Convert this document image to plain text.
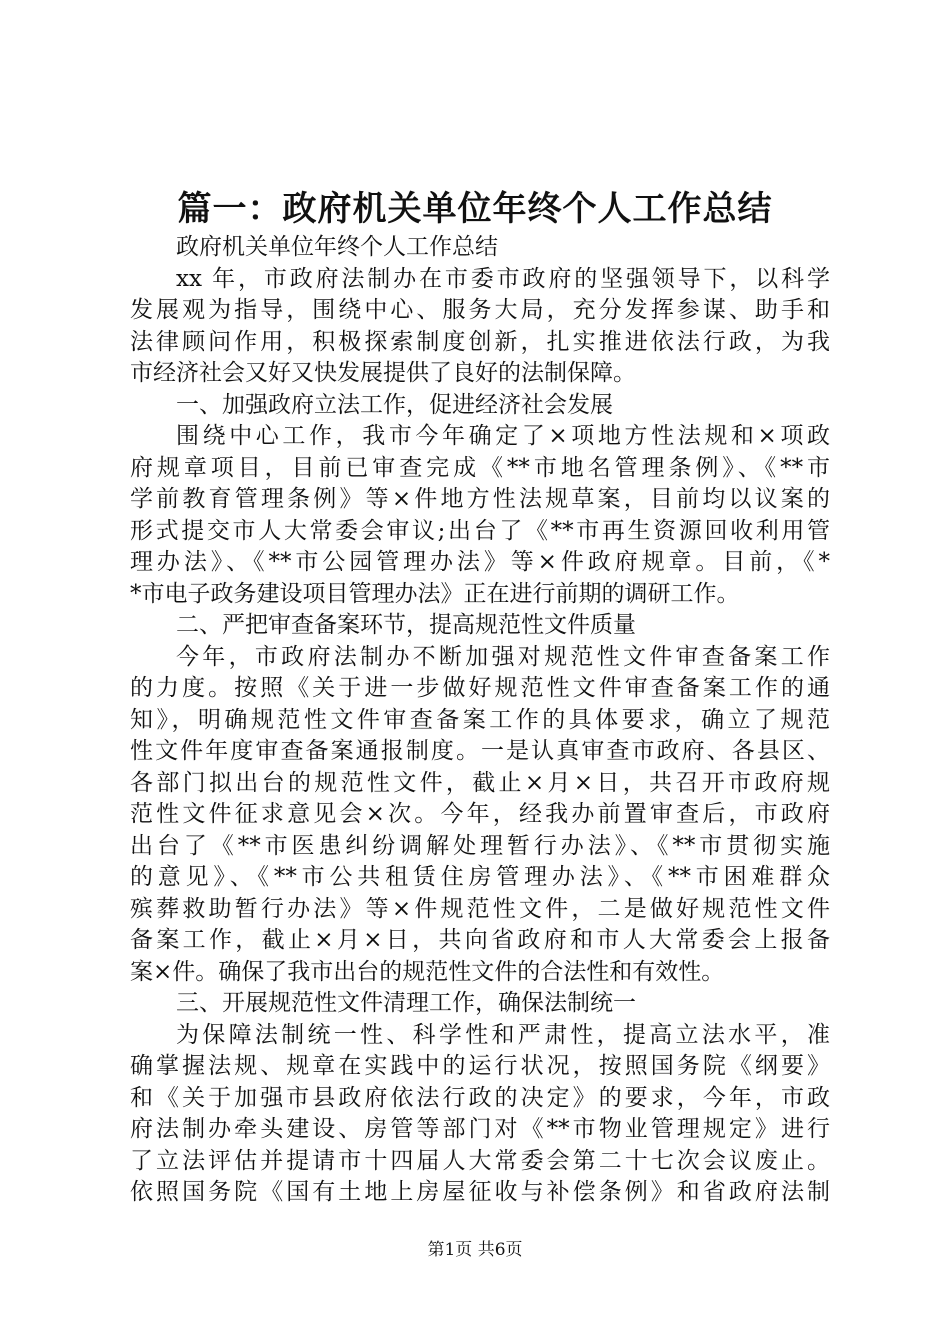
篇一：政府机关单位年终个人工作总结
政府机关单位年终个人工作总结
xx 年，市政府法制办在市委市政府的坚强领导下，以科学
发展观为指导，围绕中心、服务大局，充分发挥参谋、助手和
法律顾问作用，积极探索制度创新，扎实推进依法行政，为我
市经济社会又好又快发展提供了良好的法制保障。
一、加强政府立法工作，促进经济社会发展
围绕中心工作，我市今年确定了×项地方性法规和×项政
府规章项目，目前已审查完成《**市地名管理条例》、《**市
学前教育管理条例》等×件地方性法规草案，目前均以议案的
形式提交市人大常委会审议;出台了《**市再生资源回收利用管
理办法》、《**市公园管理办法》等×件政府规章。目前，《*
*市电子政务建设项目管理办法》正在进行前期的调研工作。
二、严把审查备案环节，提高规范性文件质量
今年，市政府法制办不断加强对规范性文件审查备案工作
的力度。按照《关于进一步做好规范性文件审查备案工作的通
知》，明确规范性文件审查备案工作的具体要求，确立了规范
性文件年度审查备案通报制度。一是认真审查市政府、各县区、
各部门拟出台的规范性文件，截止×月×日，共召开市政府规
范性文件征求意见会×次。今年，经我办前置审查后，市政府
出台了《**市医患纠纷调解处理暂行办法》、《**市贯彻实施
的意见》、《**市公共租赁住房管理办法》、《**市困难群众
殡葬救助暂行办法》等×件规范性文件，二是做好规范性文件
备案工作，截止×月×日，共向省政府和市人大常委会上报备
案×件。确保了我市出台的规范性文件的合法性和有效性。
三、开展规范性文件清理工作，确保法制统一
为保障法制统一性、科学性和严肃性，提高立法水平，准
确掌握法规、规章在实践中的运行状况，按照国务院《纲要》
和《关于加强市县政府依法行政的决定》的要求，今年，市政
府法制办牵头建设、房管等部门对《**市物业管理规定》进行
了立法评估并提请市十四届人大常委会第二十七次会议废止。
依照国务院《国有土地上房屋征收与补偿条例》和省政府法制
第1页 共6页
